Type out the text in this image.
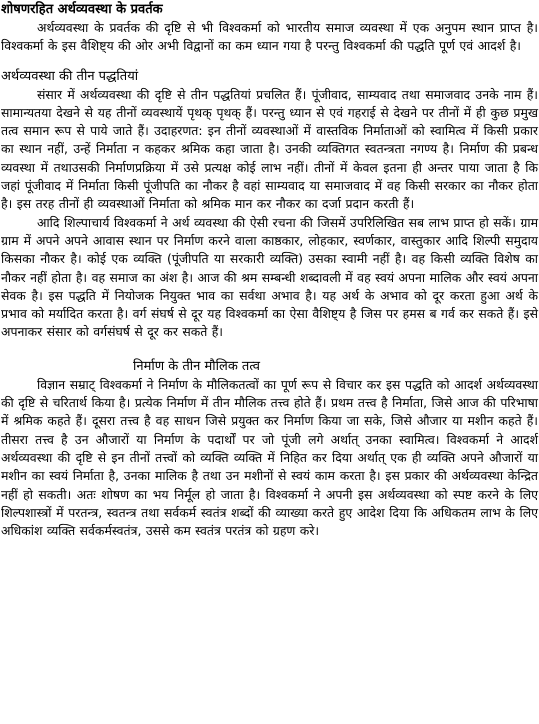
शोषणरहित अर्थव्यवस्था के प्रवर्तक

अर्थव्यवस्था के प्रवर्तक की दृष्टि से भी विश्वकर्मा को भारतीय समाज व्यवस्था में एक अनुपम स्थान प्राप्त है। विश्वकर्मा के इस वैशिष्ट्य की ओर अभी विद्वानों का कम ध्यान गया है परन्तु विश्वकर्मा की पद्धति पूर्ण एवं आदर्श है।

अर्थव्यवस्था की तीन पद्धतियां

संसार में अर्थव्यवस्था की दृष्टि से तीन पद्धतियां प्रचलित हैं। पूंजीवाद, साम्यवाद तथा समाजवाद उनके नाम हैं। सामान्यतया देखने से यह तीनों व्यवस्थायें पृथक् पृथक् हैं। परन्तु ध्यान से एवं गहराई से देखने पर तीनों में ही कुछ प्रमुख तत्व समान रूप से पाये जाते हैं। उदाहरणत: इन तीनों व्यवस्थाओं में वास्तविक निर्माताओं को स्वामित्व में किसी प्रकार का स्थान नहीं, उन्हें निर्माता न कहकर श्रमिक कहा जाता है। उनकी व्यक्तिगत स्वतन्त्रता नगण्य है। निर्माण की प्रबन्ध व्यवस्था में तथाउसकी निर्माणप्रक्रिया में उसे प्रत्यक्ष कोई लाभ नहीं। तीनों में केवल इतना ही अन्तर पाया जाता है कि जहां पूंजीवाद में निर्माता किसी पूंजीपति का नौकर है वहां साम्यवाद या समाजवाद में वह किसी सरकार का नौकर होता है। इस तरह तीनों ही व्यवस्थाओं निर्माता को श्रमिक मान कर नौकर का दर्जा प्रदान करती हैं।

आदि शिल्पाचार्य विश्वकर्मा ने अर्थ व्यवस्था की ऐसी रचना की जिसमें उपरिलिखित सब लाभ प्राप्त हो सकें। ग्राम ग्राम में अपने अपने आवास स्थान पर निर्माण करने वाला काष्ठकार, लोहकार, स्वर्णकार, वास्तुकार आदि शिल्पी समुदाय किसका नौकर है। कोई एक व्यक्ति (पूंजीपति या सरकारी व्यक्ति) उसका स्वामी नहीं है। वह किसी व्यक्ति विशेष का नौकर नहीं होता है। वह समाज का अंश है। आज की श्रम सम्बन्धी शब्दावली में वह स्वयं अपना मालिक और स्वयं अपना सेवक है। इस पद्धति में नियोजक नियुक्त भाव का सर्वथा अभाव है। यह अर्थ के अभाव को दूर करता हुआ अर्थ के प्रभाव को मर्यादित करता है। वर्ग संघर्ष से दूर यह विश्वकर्मा का ऐसा वैशिष्ट्य है जिस पर हमस ब गर्व कर सकते हैं। इसे अपनाकर संसार को वर्गसंघर्ष से दूर कर सकते हैं।

निर्माण के तीन मौलिक तत्व

विज्ञान सम्राट् विश्वकर्मा ने निर्माण के मौलिकतत्वों का पूर्ण रूप से विचार कर इस पद्धति को आदर्श अर्थव्यवस्था की दृष्टि से चरितार्थ किया है। प्रत्येक निर्माण में तीन मौलिक तत्त्व होते हैं। प्रथम तत्त्व है निर्माता, जिसे आज की परिभाषा में श्रमिक कहते हैं। दूसरा तत्त्व है वह साधन जिसे प्रयुक्त कर निर्माण किया जा सके, जिसे औजार या मशीन कहते हैं। तीसरा तत्त्व है उन औजारों या निर्माण के पदार्थों पर जो पूंजी लगे अर्थात् उनका स्वामित्व। विश्वकर्मा ने आदर्श अर्थव्यवस्था की दृष्टि से इन तीनों तत्त्वों को व्यक्ति व्यक्ति में निहित कर दिया अर्थात् एक ही व्यक्ति अपने औजारों या मशीन का स्वयं निर्माता है, उनका मालिक है तथा उन मशीनों से स्वयं काम करता है। इस प्रकार की अर्थव्यवस्था केन्द्रित नहीं हो सकती। अतः शोषण का भय निर्मूल हो जाता है। विश्वकर्मा ने अपनी इस अर्थव्यवस्था को स्पष्ट करने के लिए शिल्पशास्त्रों में परतन्त्र, स्वतन्त्र तथा सर्वकर्म स्वतंत्र शब्दों की व्याख्या करते हुए आदेश दिया कि अधिकतम लाभ के लिए अधिकांश व्यक्ति सर्वकर्मस्वतंत्र, उससे कम स्वतंत्र परतंत्र को ग्रहण करे।
